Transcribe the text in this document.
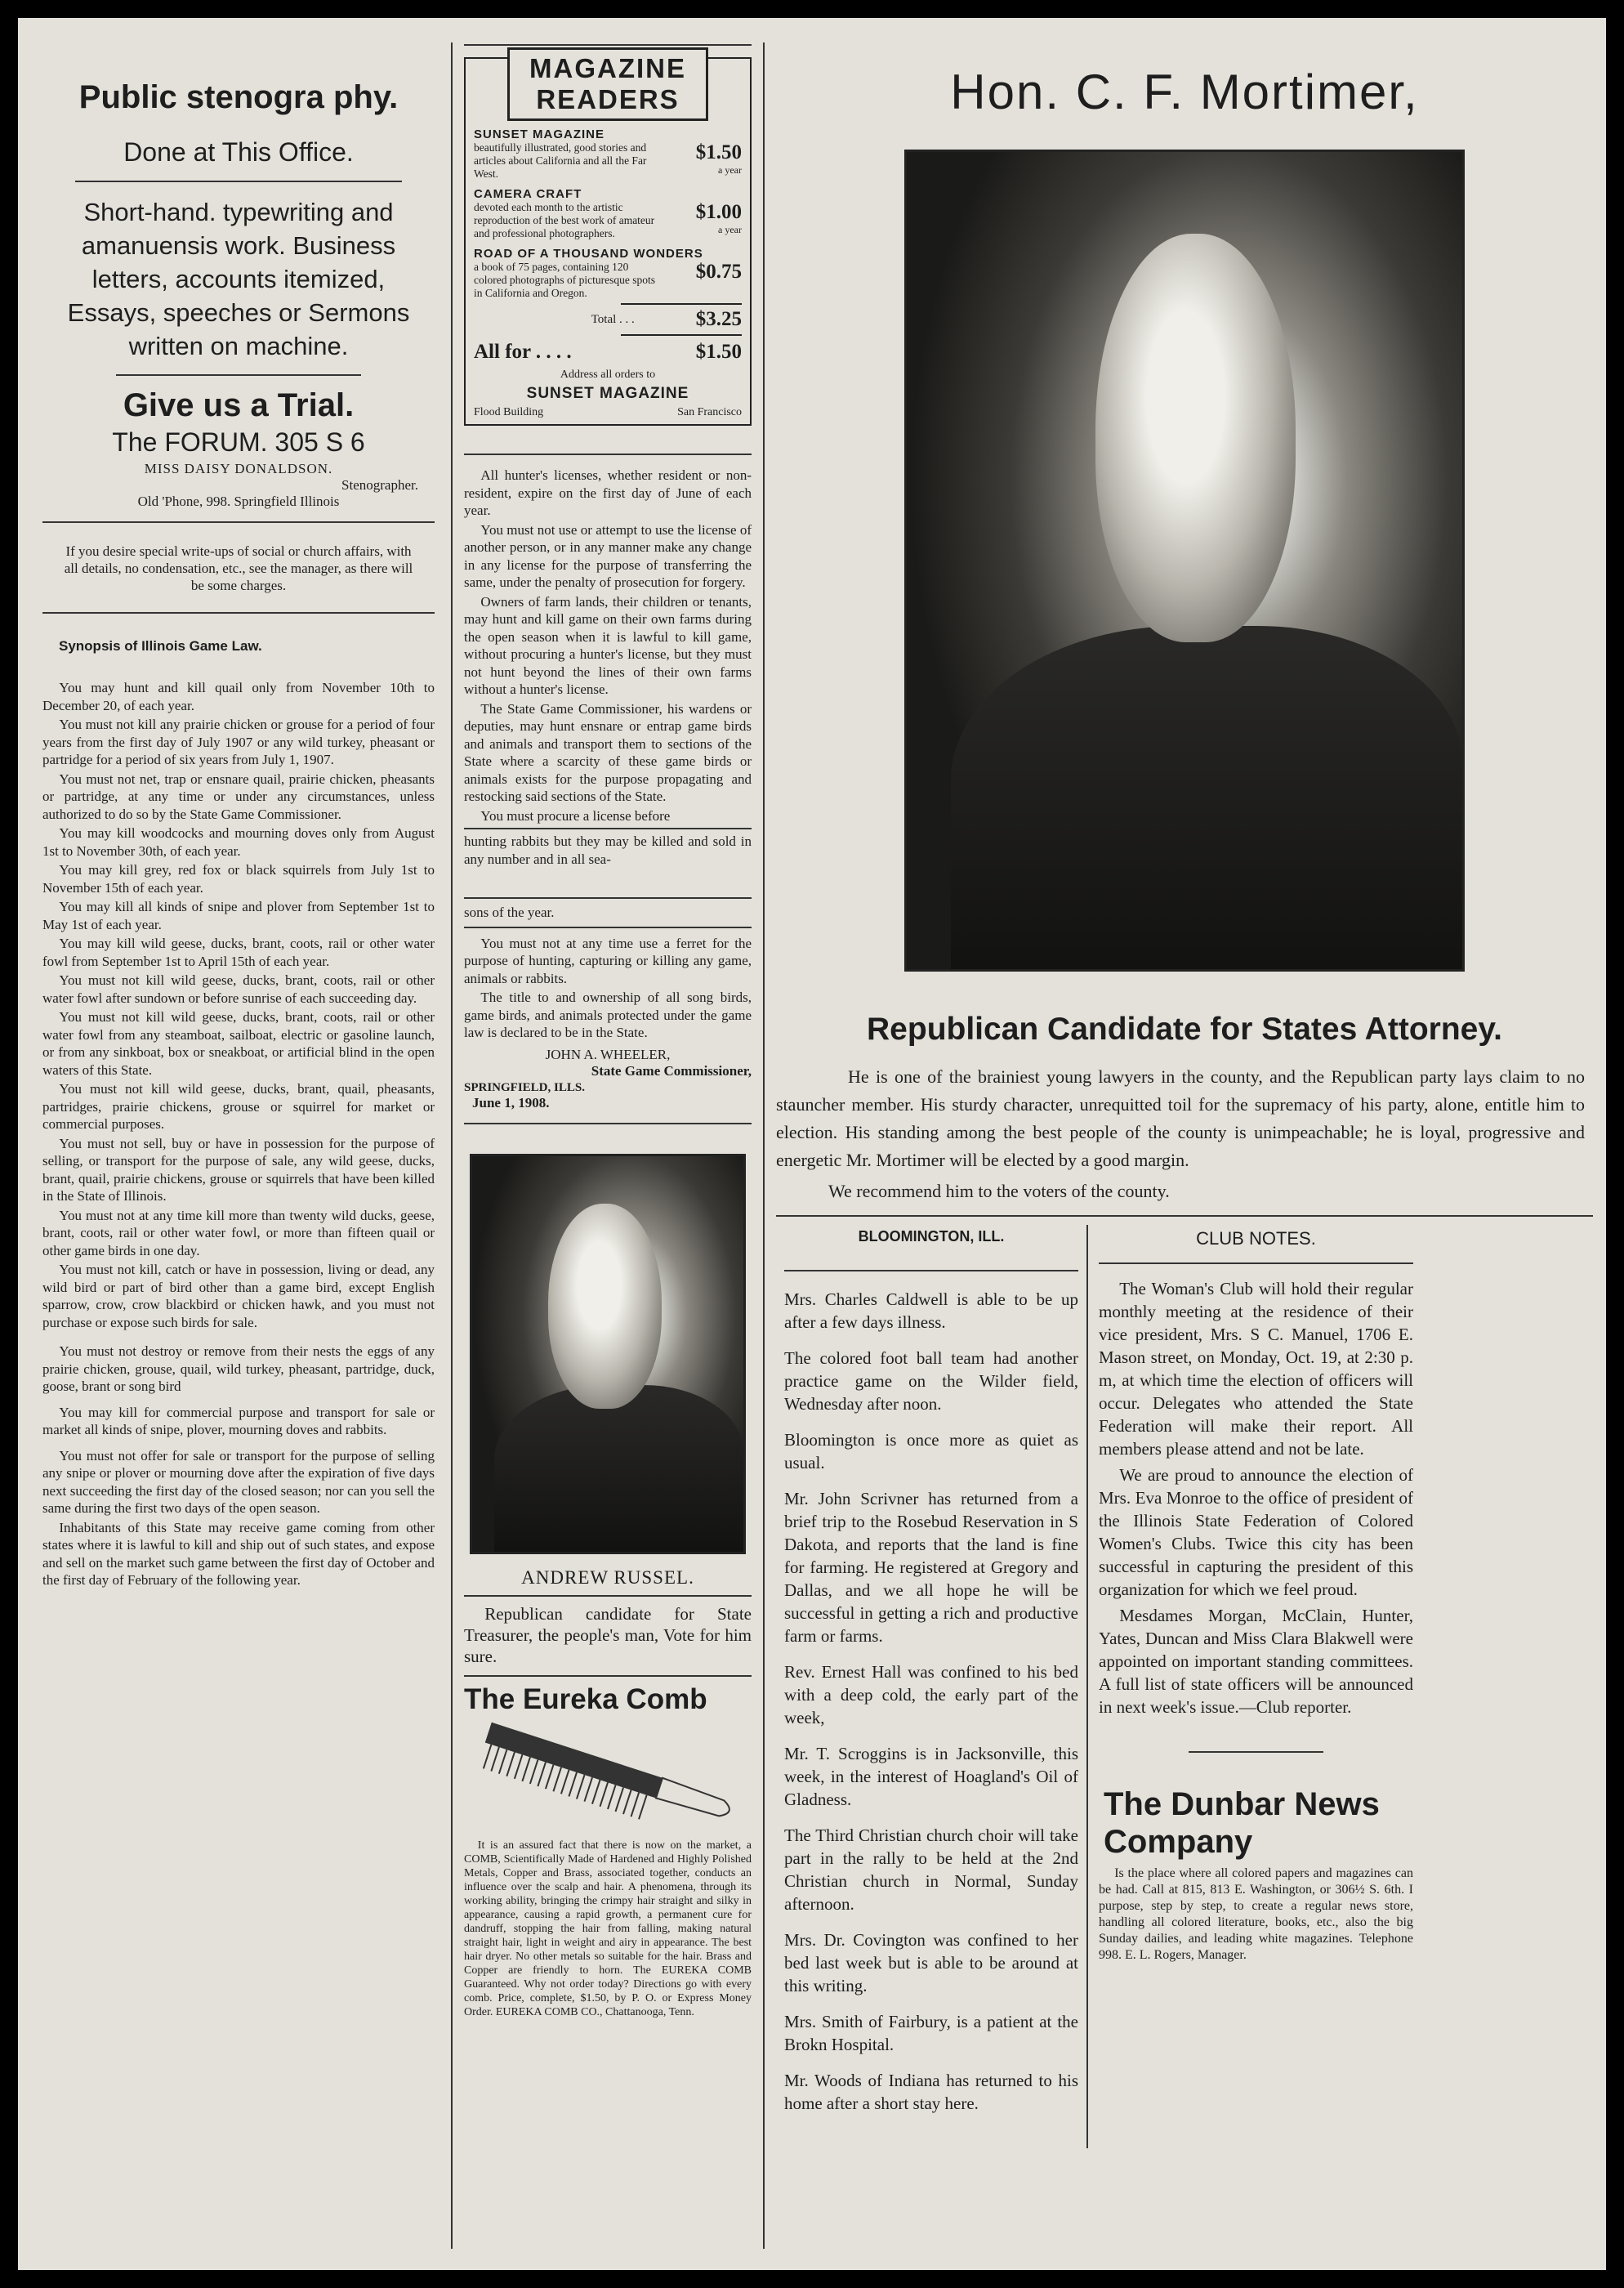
Public stenogra phy.
Done at This Office.
Short-hand. typewriting and amanuensis work. Business letters, accounts itemized, Essays, speeches or Sermons written on machine.
Give us a Trial.
The FORUM. 305 S 6
MISS DAISY DONALDSON.
Stenographer.
Old 'Phone, 998. Springfield Illinois
If you desire special write-ups of social or church affairs, with all details, no condensation, etc., see the manager, as there will be some charges.
Synopsis of Illinois Game Law.

You may hunt and kill quail only from November 10th to December 20, of each year.

You must not kill any prairie chicken or grouse for a period of four years from the first day of July 1907 or any wild turkey, pheasant or partridge for a period of six years from July 1, 1907.

You must not net, trap or ensnare quail, prairie chicken, pheasants or partridge, at any time or under any circumstances, unless authorized to do so by the State Game Commissioner.

You may kill woodcocks and mourning doves only from August 1st to November 30th, of each year.

You may kill grey, red fox or black squirrels from July 1st to November 15th of each year.

You may kill all kinds of snipe and plover from September 1st to May 1st of each year.

You may kill wild geese, ducks, brant, coots, rail or other water fowl from September 1st to April 15th of each year.

You must not kill wild geese, ducks, brant, coots, rail or other water fowl after sundown or before sunrise of each succeeding day.

You must not kill wild geese, ducks, brant, coots, rail or other water fowl from any steamboat, sailboat, electric or gasoline launch, or from any sinkboat, box or sneakboat, or artificial blind in the open waters of this State.

You must not kill wild geese, ducks, brant, quail, pheasants, partridges, prairie chickens, grouse or squirrel for market or commercial purposes.

You must not sell, buy or have in possession for the purpose of selling, or transport for the purpose of sale, any wild geese, ducks, brant, quail, prairie chickens, grouse or squirrels that have been killed in the State of Illinois.

You must not at any time kill more than twenty wild ducks, geese, brant, coots, rail or other water fowl, or more than fifteen quail or other game birds in one day.

You must not kill, catch or have in possession, living or dead, any wild bird or part of bird other than a game bird, except English sparrow, crow, crow blackbird or chicken hawk, and you must not purchase or expose such birds for sale.

You must not destroy or remove from their nests the eggs of any prairie chicken, grouse, quail, wild turkey, pheasant, partridge, duck, goose, brant or song bird

You may kill for commercial purpose and transport for sale or market all kinds of snipe, plover, mourning doves and rabbits.

You must not offer for sale or transport for the purpose of selling any snipe or plover or mourning dove after the expiration of five days next succeeding the first day of the closed season; nor can you sell the same during the first two days of the open season.

Inhabitants of this State may receive game coming from other states where it is lawful to kill and ship out of such states, and expose and sell on the market such game between the first day of October and the first day of February of the following year.

MAGAZINE READERS
SUNSET MAGAZINE
beautifully illustrated, good stories and articles about California and all the Far West.
$1.50
a year
CAMERA CRAFT
devoted each month to the artistic reproduction of the best work of amateur and professional photographers.
$1.00
a year
ROAD OF A THOUSAND WONDERS
a book of 75 pages, containing 120 colored photographs of picturesque spots in California and Oregon.
$0.75
Total . . .	$3.25
All for . . . .	$1.50
Address all orders to
SUNSET MAGAZINE
Flood Building	San Francisco

All hunter's licenses, whether resident or non-resident, expire on the first day of June of each year.

You must not use or attempt to use the license of another person, or in any manner make any change in any license for the purpose of transferring the same, under the penalty of prosecution for forgery.

Owners of farm lands, their children or tenants, may hunt and kill game on their own farms during the open season when it is lawful to kill game, without procuring a hunter's license, but they must not hunt beyond the lines of their own farms without a hunter's license.

The State Game Commissioner, his wardens or deputies, may hunt ensnare or entrap game birds and animals and transport them to sections of the State where a scarcity of these game birds or animals exists for the purpose propagating and restocking said sections of the State.

You must procure a license before

hunting rabbits but they may be killed and sold in any number and in all sea-

sons of the year.

You must not at any time use a ferret for the purpose of hunting, capturing or killing any game, animals or rabbits.

The title to and ownership of all song birds, game birds, and animals protected under the game law is declared to be in the State.

JOHN A. WHEELER,
State Game Commissioner,
SPRINGFIELD, ILLS.
June 1, 1908.
ANDREW RUSSEL.
Republican candidate for State Treasurer, the people's man, Vote for him sure.
The Eureka Comb
It is an assured fact that there is now on the market, a COMB, Scientifically Made of Hardened and Highly Polished Metals, Copper and Brass, associated together, conducts an influence over the scalp and hair. A phenomena, through its working ability, bringing the crimpy hair straight and silky in appearance, causing a rapid growth, a permanent cure for dandruff, stopping the hair from falling, making natural straight hair, light in weight and airy in appearance. The best hair dryer. No other metals so suitable for the hair. Brass and Copper are friendly to horn. The EUREKA COMB Guaranteed. Why not order today? Directions go with every comb. Price, complete, $1.50, by P. O. or Express Money Order. EUREKA COMB CO., Chattanooga, Tenn.
Hon. C. F. Mortimer,
Republican Candidate for States Attorney.
He is one of the brainiest young lawyers in the county, and the Republican party lays claim to no stauncher member. His sturdy character, unrequitted toil for the supremacy of his party, alone, entitle him to election. His standing among the best people of the county is unimpeachable; he is loyal, progressive and energetic Mr. Mortimer will be elected by a good margin.
We recommend him to the voters of the county.
BLOOMINGTON, ILL.

Mrs. Charles Caldwell is able to be up after a few days illness.

The colored foot ball team had another practice game on the Wilder field, Wednesday after noon.

Bloomington is once more as quiet as usual.

Mr. John Scrivner has returned from a brief trip to the Rosebud Reservation in S Dakota, and reports that the land is fine for farming. He registered at Gregory and Dallas, and we all hope he will be successful in getting a rich and productive farm or farms.

Rev. Ernest Hall was confined to his bed with a deep cold, the early part of the week,

Mr. T. Scroggins is in Jacksonville, this week, in the interest of Hoagland's Oil of Gladness.

The Third Christian church choir will take part in the rally to be held at the 2nd Christian church in Normal, Sunday afternoon.

Mrs. Dr. Covington was confined to her bed last week but is able to be around at this writing.

Mrs. Smith of Fairbury, is a patient at the Brokn Hospital.

Mr. Woods of Indiana has returned to his home after a short stay here.

CLUB NOTES.

The Woman's Club will hold their regular monthly meeting at the residence of their vice president, Mrs. S C. Manuel, 1706 E. Mason street, on Monday, Oct. 19, at 2:30 p. m, at which time the election of officers will occur. Delegates who attended the State Federation will make their report. All members please attend and not be late.

We are proud to announce the election of Mrs. Eva Monroe to the office of president of the Illinois State Federation of Colored Women's Clubs. Twice this city has been successful in capturing the president of this organization for which we feel proud.

Mesdames Morgan, McClain, Hunter, Yates, Duncan and Miss Clara Blakwell were appointed on important standing committees. A full list of state officers will be announced in next week's issue.—Club reporter.

The Dunbar News Company
Is the place where all colored papers and magazines can be had. Call at 815, 813 E. Washington, or 306½ S. 6th. I purpose, step by step, to create a regular news store, handling all colored literature, books, etc., also the big Sunday dailies, and leading white magazines. Telephone 998. E. L. Rogers, Manager.
